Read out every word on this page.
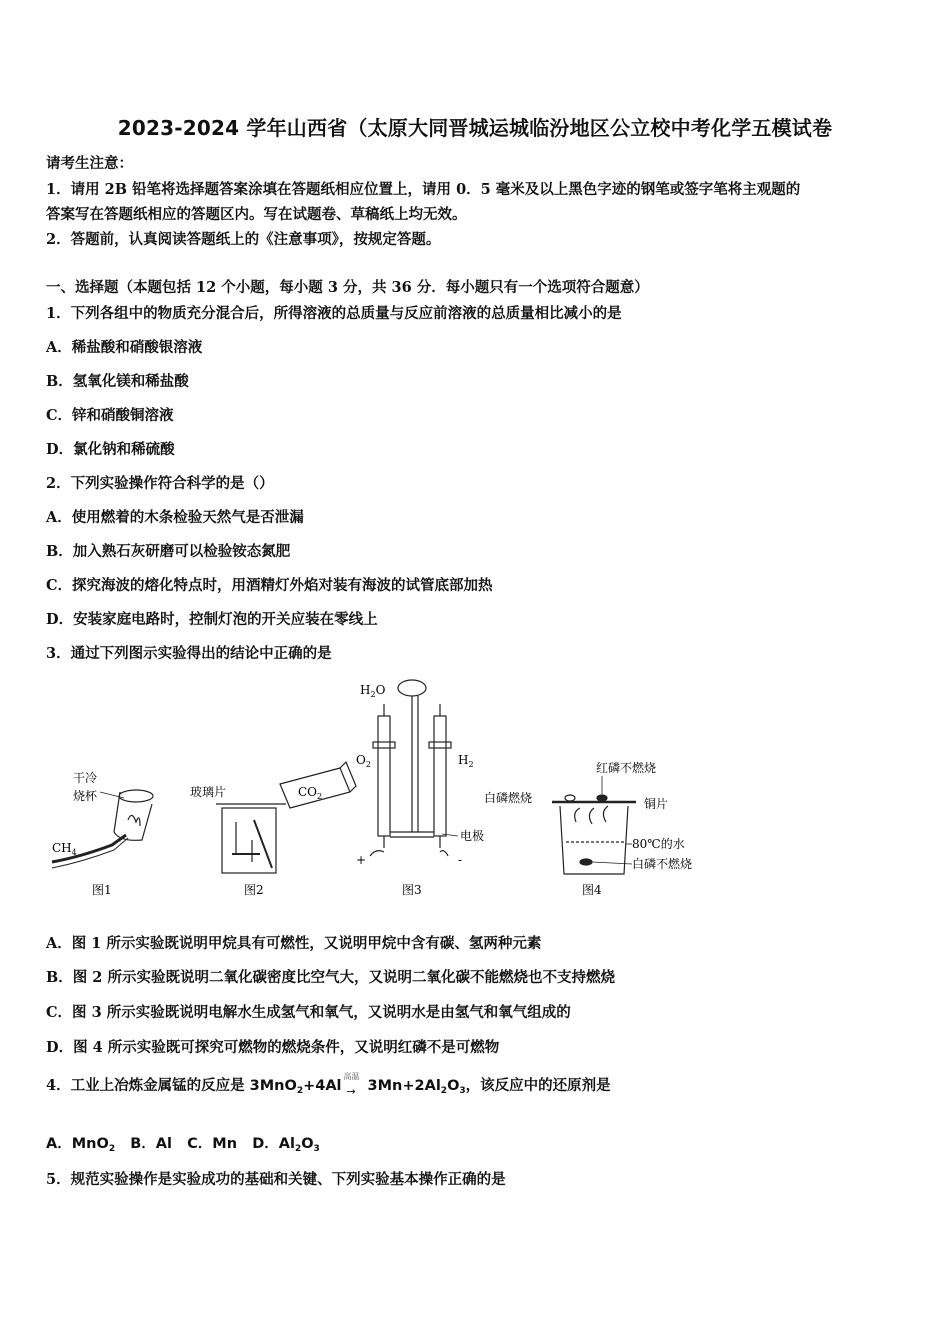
2023-2024 学年山西省（太原大同晋城运城临汾地区公立校中考化学五模试卷
请考生注意：
1．请用 2B 铅笔将选择题答案涂填在答题纸相应位置上，请用 0．5 毫米及以上黑色字迹的钢笔或签字笔将主观题的
答案写在答题纸相应的答题区内。写在试题卷、草稿纸上均无效。
2．答题前，认真阅读答题纸上的《注意事项》，按规定答题。
一、选择题（本题包括 12 个小题，每小题 3 分，共 36 分．每小题只有一个选项符合题意）
1．下列各组中的物质充分混合后，所得溶液的总质量与反应前溶液的总质量相比减小的是
A．稀盐酸和硝酸银溶液
B．氢氧化镁和稀盐酸
C．锌和硝酸铜溶液
D．氯化钠和稀硫酸
2．下列实验操作符合科学的是（）
A．使用燃着的木条检验天然气是否泄漏
B．加入熟石灰研磨可以检验铵态氮肥
C．探究海波的熔化特点时，用酒精灯外焰对装有海波的试管底部加热
D．安装家庭电路时，控制灯泡的开关应装在零线上
3．通过下列图示实验得出的结论中正确的是
干冷
烧杯
$CH_4$
图1
玻璃片	$CO_2$
图2
$H_2O$
$O_2$	$H_2$
电极
+	-
图3
红磷不燃烧
白磷燃烧	铜片
80℃的水
白磷不燃烧
图4
A．图 1 所示实验既说明甲烷具有可燃性，又说明甲烷中含有碳、氢两种元素
B．图 2 所示实验既说明二氧化碳密度比空气大，又说明二氧化碳不能燃烧也不支持燃烧
C．图 3 所示实验既说明电解水生成氢气和氧气，又说明水是由氢气和氧气组成的
D．图 4 所示实验既可探究可燃物的燃烧条件，又说明红磷不是可燃物
4．工业上冶炼金属锰的反应是 3MnO$_2$+4Al
高温
→ $3Mn+2Al_2O_3$，该反应中的还原剂是
A．MnO$_2$ B．Al C．Mn D．$Al_2O_3$
5．规范实验操作是实验成功的基础和关键、下列实验基本操作正确的是
